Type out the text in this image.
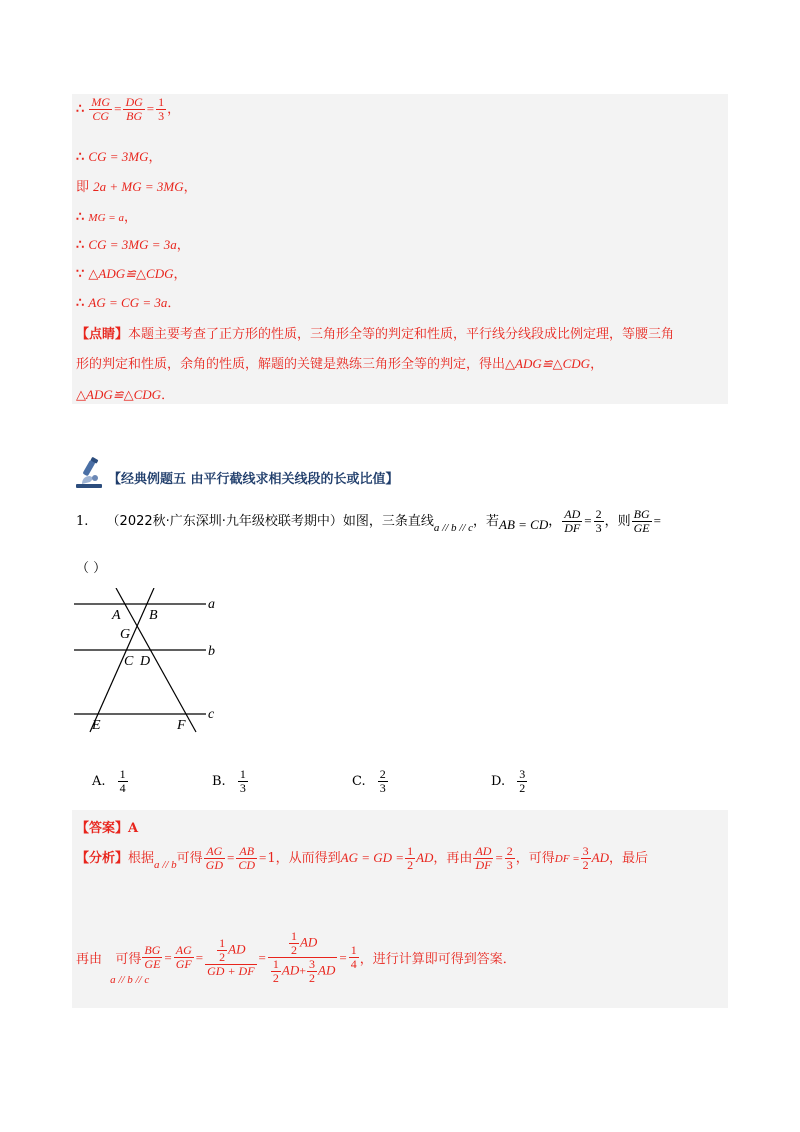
∴ $\frac{MG}{CG} = \frac{DG}{BG} = \frac{1}{3}$ ，
∴ CG = 3MG，
即 2a + MG = 3MG，
∴ MG = a，
∴ CG = 3MG = 3a，
∵ △ADG≌△CDG，
∴ AG = CG = 3a．
【点睛】本题主要考查了正方形的性质，三角形全等的判定和性质，平行线分线段成比例定理，等腰三角
形的判定和性质，余角的性质，解题的关键是熟练三角形全等的判定，得出△ADG≌△CDG，
△ADG≌△CDG．
【经典例题五 由平行截线求相关线段的长或比值】
1. （2022秋·广东深圳·九年级校联考期中）如图，三条直线$_{a // b // c}$，若AB = CD， $\frac{AD}{DF} = \frac{2}{3}$ ，则 $\frac{BG}{GE}$ =
（ ）
a
b
c
A B
G
C D
E	F
A. $\frac{1}{4}$	B. $\frac{1}{3}$	C. $\frac{2}{3}$	D. $\frac{3}{2}$
【答案】A
【分析】根据$_{a // b}$可得 $\frac{AG}{GD} = \frac{AB}{CD} =1$，从而得到AG = GD = $\frac{1}{2}$ AD，再由 $\frac{AD}{DF} = \frac{2}{3}$ ，可得DF = $\frac{3}{2}$ AD，最后
再由 $_{a // b // c}$ 可得 $\frac{BG}{GE} = \frac{AG}{GF} = \frac{\frac{1}{2} AD}{GD + DF} = \frac{\frac{1}{2} AD}{\frac{1}{2} AD+ \frac{3}{2} AD} = \frac{1}{4}$ ，进行计算即可得到答案．
